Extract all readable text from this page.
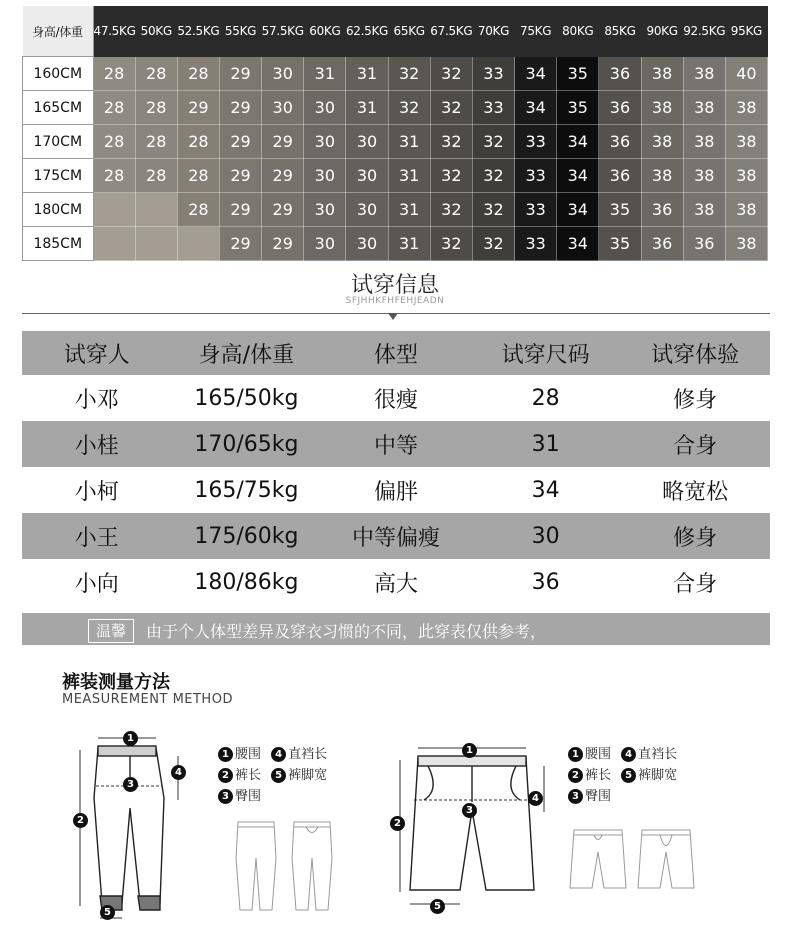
身高/体重	47.5KG	50KG	52.5KG	55KG	57.5KG	60KG	62.5KG	65KG	67.5KG	70KG	75KG	80KG	85KG	90KG	92.5KG	95KG
160CM	28	28	28	29	30	31	31	32	32	33	34	35	36	38	38	40
165CM	28	28	29	29	30	30	31	32	32	33	34	35	36	38	38	38
170CM	28	28	28	29	29	30	30	31	32	32	33	34	36	38	38	38
175CM	28	28	28	29	29	30	30	31	32	32	33	34	36	38	38	38
180CM			28	29	29	30	30	31	32	32	33	34	35	36	38	38
185CM				29	29	30	30	31	32	32	33	34	35	36	36	38
试穿信息
SFJHHKFHFEHJEADN
试穿人	身高/体重	体型	试穿尺码	试穿体验
小邓	165/50kg	很瘦	28	修身
小桂	170/65kg	中等	31	合身
小柯	165/75kg	偏胖	34	略宽松
小王	175/60kg	中等偏瘦	30	修身
小向	180/86kg	高大	36	合身
温馨	由于个人体型差异及穿衣习惯的不同，此穿表仅供参考，
裤装测量方法
MEASUREMENT METHOD
1
2
3
4
5
1 腰围 4 直裆长
2 裤长 5 裤脚宽
3 臀围
1
2
3
4
5
1 腰围 4 直裆长
2 裤长 5 裤脚宽
3 臀围
